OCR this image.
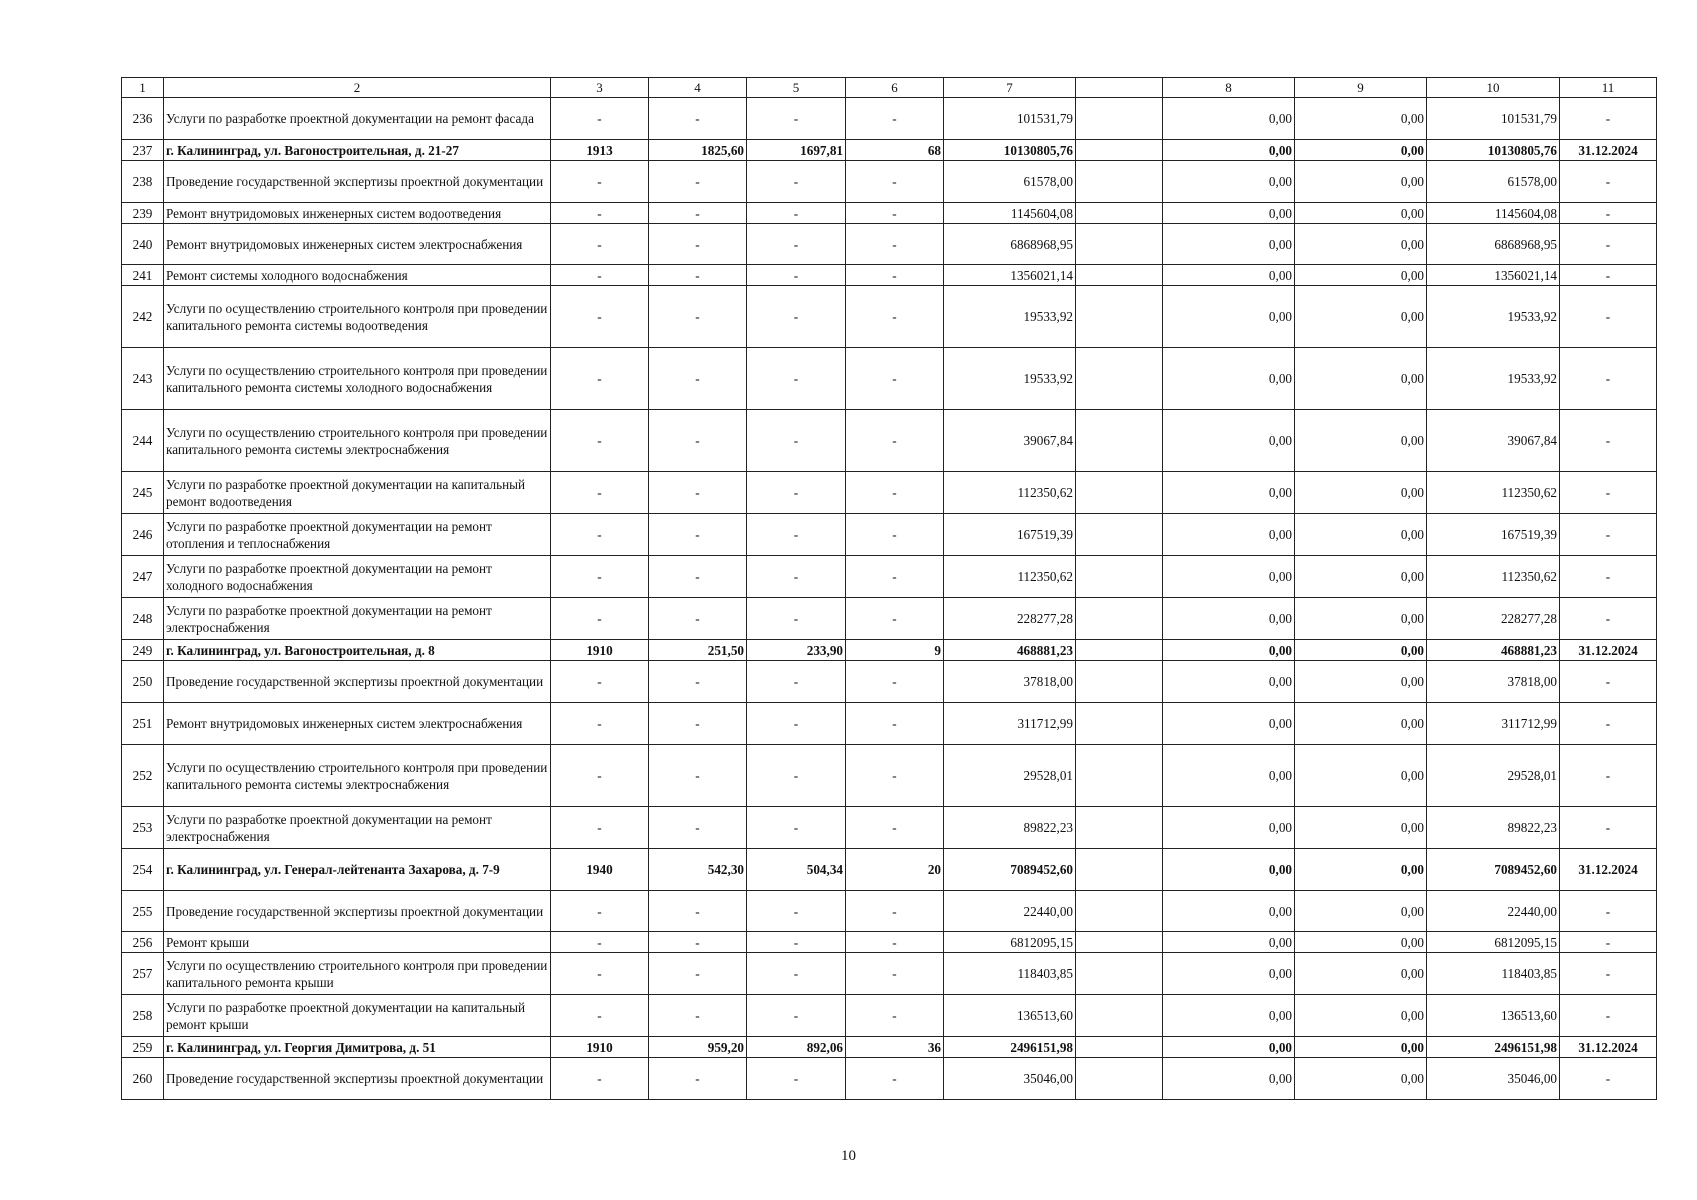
1	2	3	4	5	6	7		8	9	10	11
236	Услуги по разработке проектной документации на ремонт фасада	-	-	-	-	101531,79		0,00	0,00	101531,79	-
237	г. Калининград, ул. Вагоностроительная, д. 21-27	1913	1825,60	1697,81	68	10130805,76		0,00	0,00	10130805,76	31.12.2024
238	Проведение государственной экспертизы проектной документации	-	-	-	-	61578,00		0,00	0,00	61578,00	-
239	Ремонт внутридомовых инженерных систем водоотведения	-	-	-	-	1145604,08		0,00	0,00	1145604,08	-
240	Ремонт внутридомовых инженерных систем электроснабжения	-	-	-	-	6868968,95		0,00	0,00	6868968,95	-
241	Ремонт системы холодного водоснабжения	-	-	-	-	1356021,14		0,00	0,00	1356021,14	-
242	Услуги по осуществлению строительного контроля при проведении капитального ремонта системы водоотведения	-	-	-	-	19533,92		0,00	0,00	19533,92	-
243	Услуги по осуществлению строительного контроля при проведении капитального ремонта системы холодного водоснабжения	-	-	-	-	19533,92		0,00	0,00	19533,92	-
244	Услуги по осуществлению строительного контроля при проведении капитального ремонта системы электроснабжения	-	-	-	-	39067,84		0,00	0,00	39067,84	-
245	Услуги по разработке проектной документации на капитальный ремонт водоотведения	-	-	-	-	112350,62		0,00	0,00	112350,62	-
246	Услуги по разработке проектной документации на ремонт отопления и теплоснабжения	-	-	-	-	167519,39		0,00	0,00	167519,39	-
247	Услуги по разработке проектной документации на ремонт холодного водоснабжения	-	-	-	-	112350,62		0,00	0,00	112350,62	-
248	Услуги по разработке проектной документации на ремонт электроснабжения	-	-	-	-	228277,28		0,00	0,00	228277,28	-
249	г. Калининград, ул. Вагоностроительная, д. 8	1910	251,50	233,90	9	468881,23		0,00	0,00	468881,23	31.12.2024
250	Проведение государственной экспертизы проектной документации	-	-	-	-	37818,00		0,00	0,00	37818,00	-
251	Ремонт внутридомовых инженерных систем электроснабжения	-	-	-	-	311712,99		0,00	0,00	311712,99	-
252	Услуги по осуществлению строительного контроля при проведении капитального ремонта системы электроснабжения	-	-	-	-	29528,01		0,00	0,00	29528,01	-
253	Услуги по разработке проектной документации на ремонт электроснабжения	-	-	-	-	89822,23		0,00	0,00	89822,23	-
254	г. Калининград, ул. Генерал-лейтенанта Захарова, д. 7-9	1940	542,30	504,34	20	7089452,60		0,00	0,00	7089452,60	31.12.2024
255	Проведение государственной экспертизы проектной документации	-	-	-	-	22440,00		0,00	0,00	22440,00	-
256	Ремонт крыши	-	-	-	-	6812095,15		0,00	0,00	6812095,15	-
257	Услуги по осуществлению строительного контроля при проведении капитального ремонта крыши	-	-	-	-	118403,85		0,00	0,00	118403,85	-
258	Услуги по разработке проектной документации на капитальный ремонт крыши	-	-	-	-	136513,60		0,00	0,00	136513,60	-
259	г. Калининград, ул. Георгия Димитрова, д. 51	1910	959,20	892,06	36	2496151,98		0,00	0,00	2496151,98	31.12.2024
260	Проведение государственной экспертизы проектной документации	-	-	-	-	35046,00		0,00	0,00	35046,00	-
10
